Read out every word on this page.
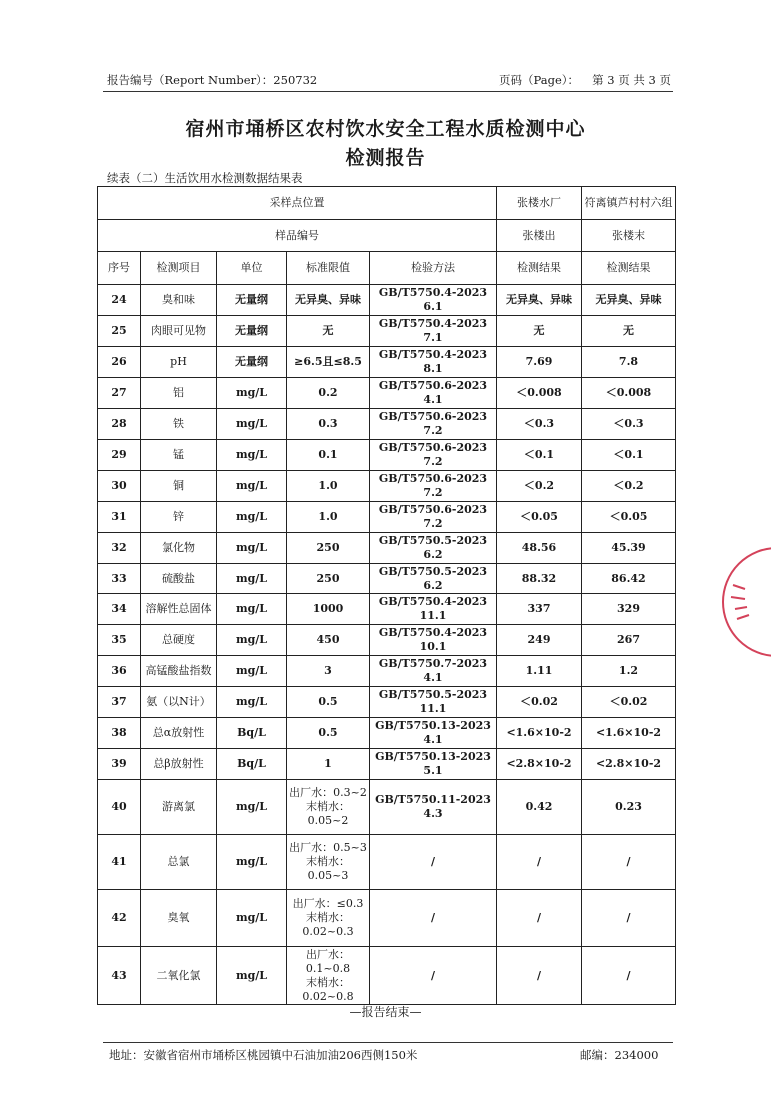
报告编号（Report Number）：250732	页码（Page）： 第 3 页 共 3 页
宿州市埇桥区农村饮水安全工程水质检测中心
检测报告
续表（二）生活饮用水检测数据结果表
采样点位置					张楼水厂	符离镇芦村村六组
样品编号					张楼出	张楼末
序号	检测项目	单位	标准限值	检验方法	检测结果	检测结果
24	臭和味	无量纲	无异臭、异味	GB/T5750.4-2023 6.1	无异臭、异味	无异臭、异味
25	肉眼可见物	无量纲	无	GB/T5750.4-2023 7.1	无	无
26	pH	无量纲	≥6.5且≤8.5	GB/T5750.4-2023 8.1	7.69	7.8
27	铝	mg/L	0.2	GB/T5750.6-2023 4.1	＜0.008	＜0.008
28	铁	mg/L	0.3	GB/T5750.6-2023 7.2	＜0.3	＜0.3
29	锰	mg/L	0.1	GB/T5750.6-2023 7.2	＜0.1	＜0.1
30	铜	mg/L	1.0	GB/T5750.6-2023 7.2	＜0.2	＜0.2
31	锌	mg/L	1.0	GB/T5750.6-2023 7.2	＜0.05	＜0.05
32	氯化物	mg/L	250	GB/T5750.5-2023 6.2	48.56	45.39
33	硫酸盐	mg/L	250	GB/T5750.5-2023 6.2	88.32	86.42
34	溶解性总固体	mg/L	1000	GB/T5750.4-2023 11.1	337	329
35	总硬度	mg/L	450	GB/T5750.4-2023 10.1	249	267
36	高锰酸盐指数	mg/L	3	GB/T5750.7-2023 4.1	1.11	1.2
37	氨（以N计）	mg/L	0.5	GB/T5750.5-2023 11.1	＜0.02	＜0.02
38	总α放射性	Bq/L	0.5	GB/T5750.13-2023 4.1	<1.6×10-2	<1.6×10-2
39	总β放射性	Bq/L	1	GB/T5750.13-2023 5.1	<2.8×10-2	<2.8×10-2
40	游离氯	mg/L	出厂水：0.3~2
末梢水：0.05~2	GB/T5750.11-2023 4.3	0.42	0.23
41	总氯	mg/L	出厂水：0.5~3
末梢水：0.05~3	/	/	/
42	臭氧	mg/L	出厂水：≤0.3
末梢水：
0.02~0.3	/	/	/
43	二氧化氯	mg/L	出厂水：0.1~0.8
末梢水：
0.02~0.8	/	/	/
—报告结束—
地址：安徽省宿州市埇桥区桃园镇中石油加油206西侧150米	邮编：234000
